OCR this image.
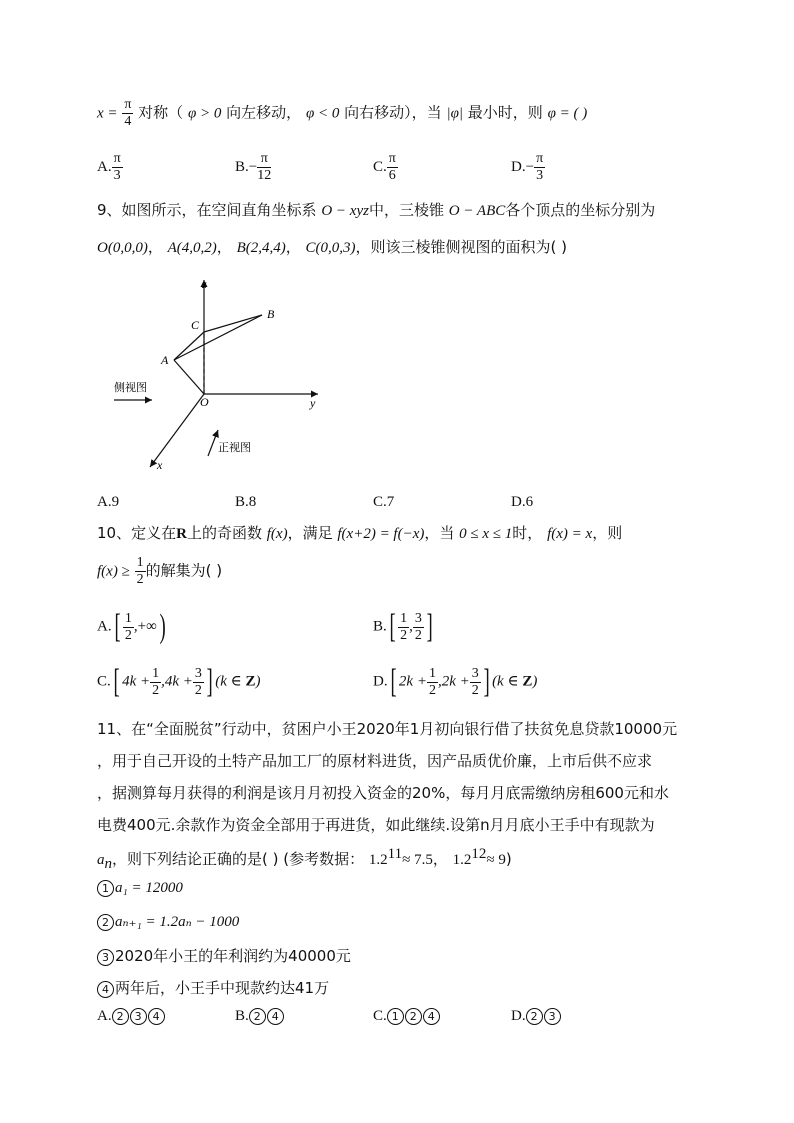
$x = \frac{\pi}{4}$ 对称（ φ > 0 向左移动， φ < 0 向右移动），当 |φ| 最小时，则 φ = ( )
A. $\frac{\pi}{3}$	$B.- \frac{\pi}{12}$	C. $\frac{\pi}{6}$	$D.- \frac{\pi}{3}$
9、如图所示，在空间直角坐标系 O − xyz中，三棱锥 O − ABC各个顶点的坐标分别为
O(0,0,0)， A(4,0,2)， B(2,4,4)， C(0,0,3)，则该三棱锥侧视图的面积为( )
z
y
x
B
C
A
O
侧视图
正视图
A.9	B.8	C.7	D.6
10、定义在R上的奇函数 f(x)，满足 f(x+2) = f(−x)，当 0 ≤ x ≤ 1时， f(x) = x，则
$f(x) \ge \frac{1}{2}$ 的解集为( )
$A.[ \frac{1}{2}$ ,+∞)	$B.[ \frac{1}{2}$ , $\frac{3}{2}$ ]
C.[ $4k + \frac{1}{2} ,4k + \frac{3}{2}$ ] (k ∈ Z)	D.[ $2k + \frac{1}{2} ,2k + \frac{3}{2}$ ] (k ∈ Z)
11、在“全面脱贫”行动中，贫困户小王2020年1月初向银行借了扶贫免息贷款10000元
，用于自己开设的土特产品加工厂的原材料进货，因产品质优价廉，上市后供不应求
，据测算每月获得的利润是该月月初投入资金的20%，每月月底需缴纳房租600元和水
电费400元.余款作为资金全部用于再进货，如此继续.设第n月月底小王手中有现款为
$a_n$，则下列结论正确的是( ) (参考数据： $1.2^{11}\approx 7.5$， $1.2^{12}\approx 9$)
1 a₁ = 12000
2 aₙ₊₁ = 1.2aₙ − 1000
3 2020年小王的年利润约为40000元
4 两年后，小王手中现款约达41万
A. 2 3 4	B. 2 4	C. 1 2 4	D. 2 3
